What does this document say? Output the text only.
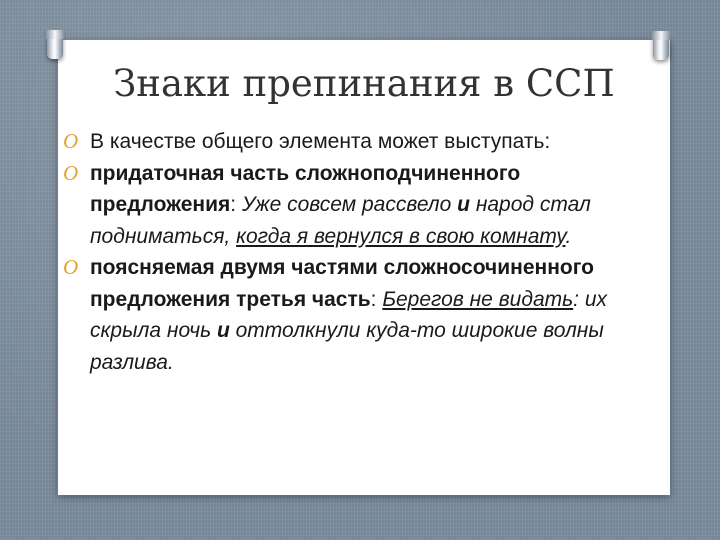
Знаки препинания в ССП

O В качестве общего элемента может выступать:

O придаточная часть сложноподчиненного предложения: Уже совсем рассвело и народ стал подниматься, когда я вернулся в свою комнату.

O поясняемая двумя частями сложносочиненного предложения третья часть: Берегов не видать: их скрыла ночь и оттолкнули куда-то широкие волны разлива.
